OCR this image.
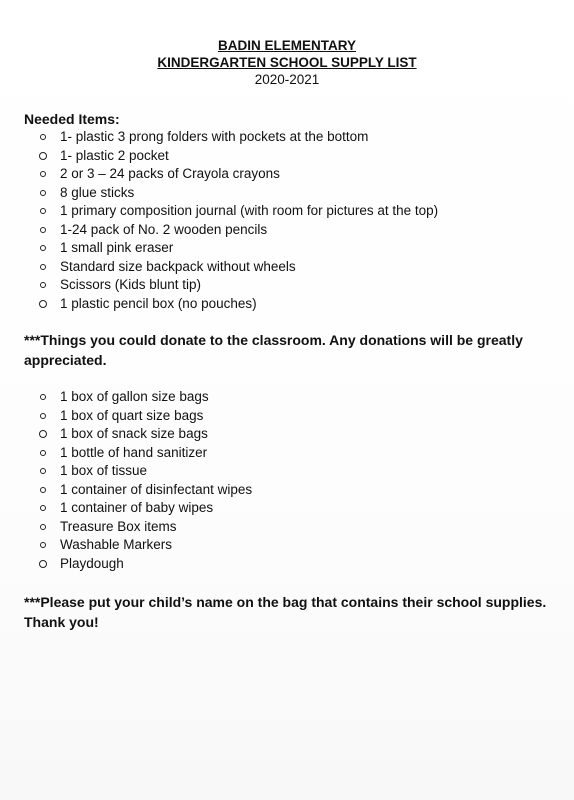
BADIN ELEMENTARY
KINDERGARTEN SCHOOL SUPPLY LIST
2020-2021
Needed Items:
1- plastic 3 prong folders with pockets at the bottom
1- plastic 2 pocket
2 or 3 – 24 packs of Crayola crayons
8 glue sticks
1 primary composition journal (with room for pictures at the top)
1-24 pack of No. 2 wooden pencils
1 small pink eraser
Standard size backpack without wheels
Scissors (Kids blunt tip)
1 plastic pencil box (no pouches)
***Things you could donate to the classroom. Any donations will be greatly appreciated.
1 box of gallon size bags
1 box of quart size bags
1 box of snack size bags
1 bottle of hand sanitizer
1 box of tissue
1 container of disinfectant wipes
1 container of baby wipes
Treasure Box items
Washable Markers
Playdough
***Please put your child’s name on the bag that contains their school supplies. Thank you!
